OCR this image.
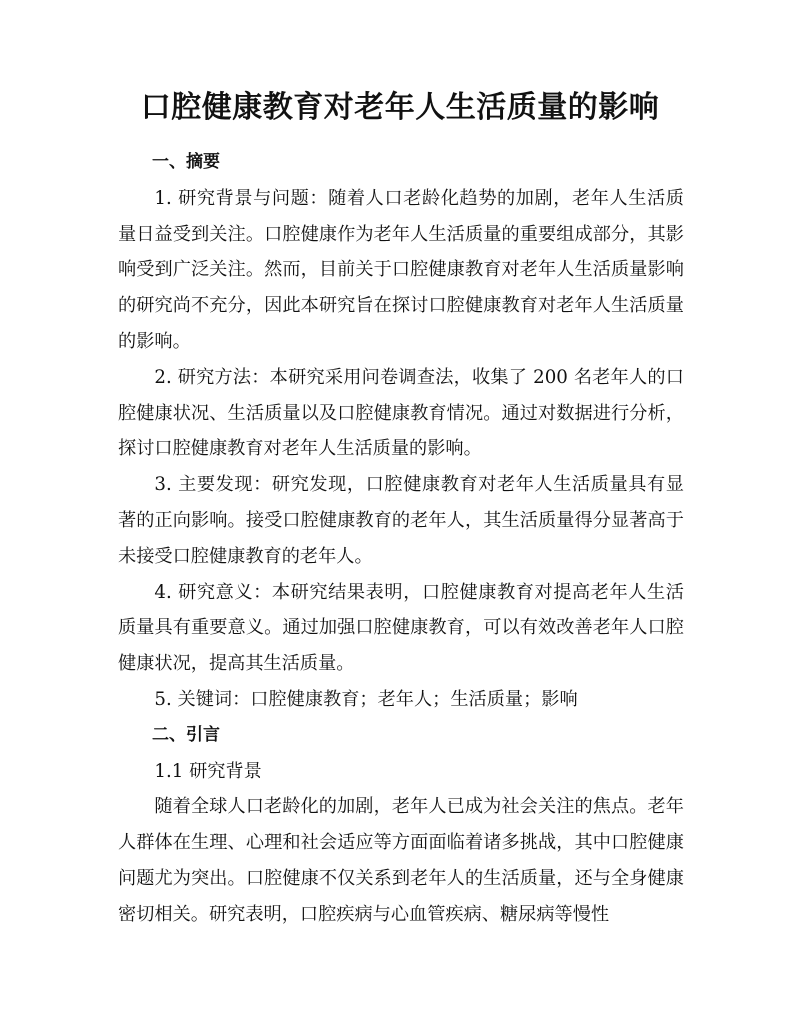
口腔健康教育对老年人生活质量的影响

一、摘要

1. 研究背景与问题：随着人口老龄化趋势的加剧，老年人生活质量日益受到关注。口腔健康作为老年人生活质量的重要组成部分，其影响受到广泛关注。然而，目前关于口腔健康教育对老年人生活质量影响的研究尚不充分，因此本研究旨在探讨口腔健康教育对老年人生活质量的影响。

2. 研究方法：本研究采用问卷调查法，收集了 200 名老年人的口腔健康状况、生活质量以及口腔健康教育情况。通过对数据进行分析，探讨口腔健康教育对老年人生活质量的影响。

3. 主要发现：研究发现，口腔健康教育对老年人生活质量具有显著的正向影响。接受口腔健康教育的老年人，其生活质量得分显著高于未接受口腔健康教育的老年人。

4. 研究意义：本研究结果表明，口腔健康教育对提高老年人生活质量具有重要意义。通过加强口腔健康教育，可以有效改善老年人口腔健康状况，提高其生活质量。

5. 关键词：口腔健康教育；老年人；生活质量；影响

二、引言

1.1 研究背景

随着全球人口老龄化的加剧，老年人已成为社会关注的焦点。老年人群体在生理、心理和社会适应等方面面临着诸多挑战，其中口腔健康问题尤为突出。口腔健康不仅关系到老年人的生活质量，还与全身健康密切相关。研究表明，口腔疾病与心血管疾病、糖尿病等慢性
